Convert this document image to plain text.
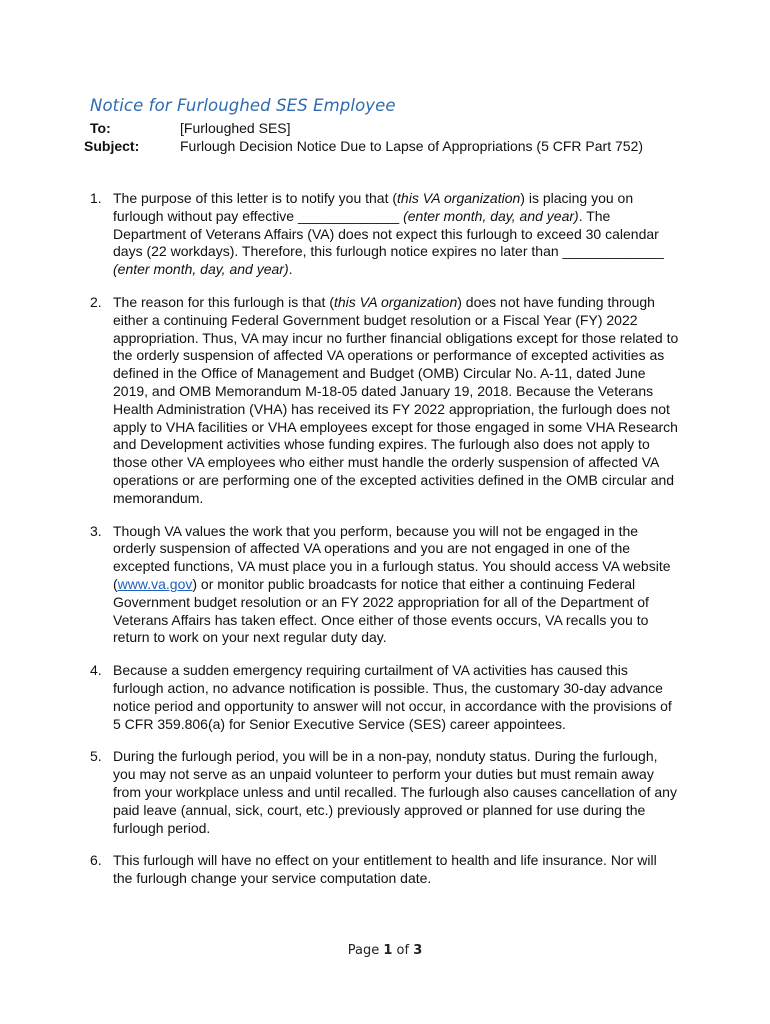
Notice for Furloughed SES Employee
To:	[Furloughed SES]
Subject:	Furlough Decision Notice Due to Lapse of Appropriations (5 CFR Part 752)
1. The purpose of this letter is to notify you that (this VA organization) is placing you on furlough without pay effective _____________ (enter month, day, and year). The Department of Veterans Affairs (VA) does not expect this furlough to exceed 30 calendar days (22 workdays). Therefore, this furlough notice expires no later than _____________ (enter month, day, and year).
2. The reason for this furlough is that (this VA organization) does not have funding through either a continuing Federal Government budget resolution or a Fiscal Year (FY) 2022 appropriation. Thus, VA may incur no further financial obligations except for those related to the orderly suspension of affected VA operations or performance of excepted activities as defined in the Office of Management and Budget (OMB) Circular No. A-11, dated June 2019, and OMB Memorandum M-18-05 dated January 19, 2018. Because the Veterans Health Administration (VHA) has received its FY 2022 appropriation, the furlough does not apply to VHA facilities or VHA employees except for those engaged in some VHA Research and Development activities whose funding expires. The furlough also does not apply to those other VA employees who either must handle the orderly suspension of affected VA operations or are performing one of the excepted activities defined in the OMB circular and memorandum.
3. Though VA values the work that you perform, because you will not be engaged in the orderly suspension of affected VA operations and you are not engaged in one of the excepted functions, VA must place you in a furlough status. You should access VA website (www.va.gov) or monitor public broadcasts for notice that either a continuing Federal Government budget resolution or an FY 2022 appropriation for all of the Department of Veterans Affairs has taken effect. Once either of those events occurs, VA recalls you to return to work on your next regular duty day.
4. Because a sudden emergency requiring curtailment of VA activities has caused this furlough action, no advance notification is possible. Thus, the customary 30-day advance notice period and opportunity to answer will not occur, in accordance with the provisions of 5 CFR 359.806(a) for Senior Executive Service (SES) career appointees.
5. During the furlough period, you will be in a non-pay, nonduty status. During the furlough, you may not serve as an unpaid volunteer to perform your duties but must remain away from your workplace unless and until recalled. The furlough also causes cancellation of any paid leave (annual, sick, court, etc.) previously approved or planned for use during the furlough period.
6. This furlough will have no effect on your entitlement to health and life insurance. Nor will the furlough change your service computation date.
Page 1 of 3
